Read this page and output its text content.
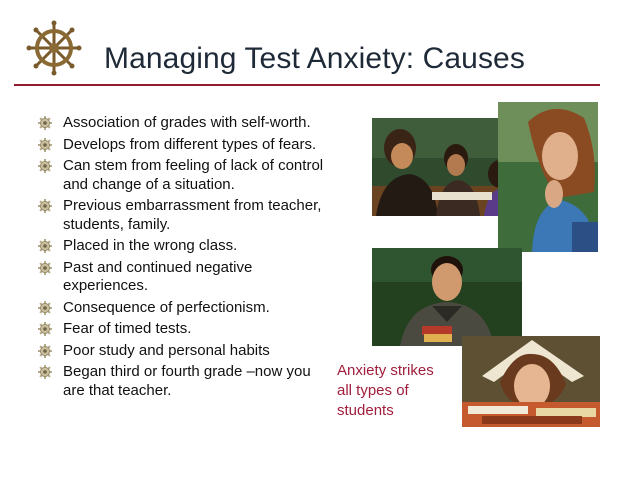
Managing Test Anxiety: Causes
Association of grades with self-worth.
Develops from different types of fears.
Can stem from feeling of lack of control and change of a situation.
Previous embarrassment from teacher, students, family.
Placed in the wrong class.
Past and continued negative experiences.
Consequence of perfectionism.
Fear of timed tests.
Poor study and personal habits
Began third or fourth grade –now you are that teacher.
Anxiety strikes
all types of
students
